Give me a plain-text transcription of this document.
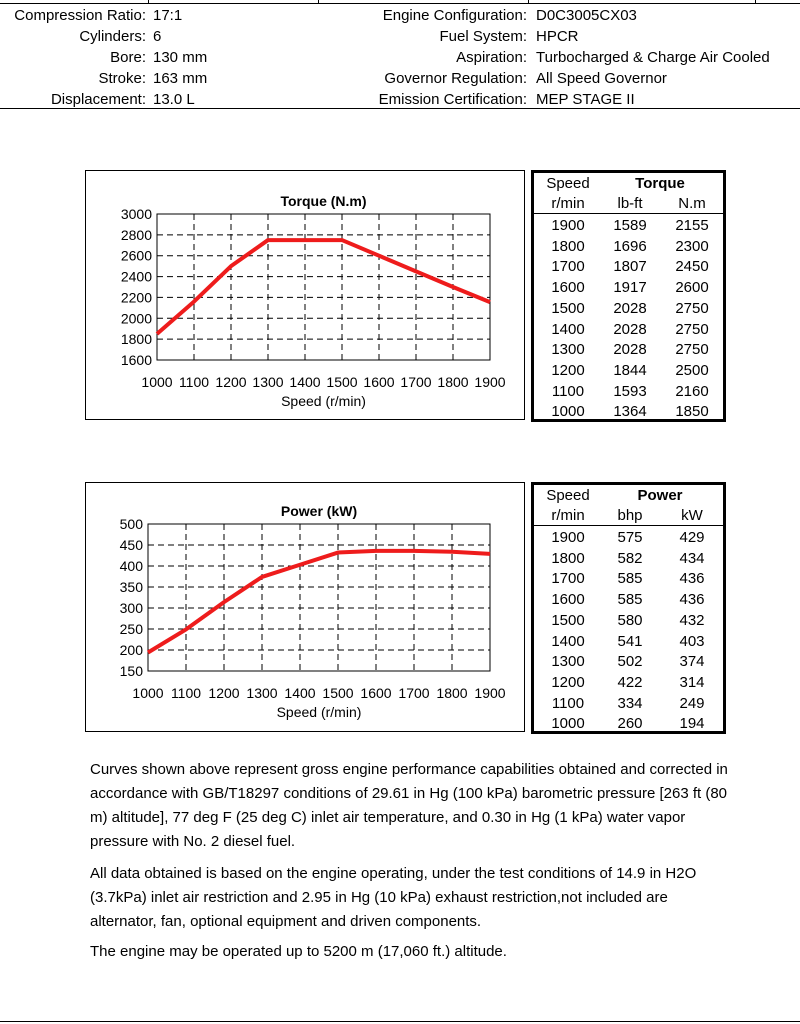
Compression Ratio: 17:1
Cylinders: 6
Bore: 130 mm
Stroke: 163 mm
Displacement: 13.0 L
Engine Configuration: D0C3005CX03
Fuel System: HPCR
Aspiration: Turbocharged & Charge Air Cooled
Governor Regulation: All Speed Governor
Emission Certification: MEP STAGE II
3000
2800
2600
2400
2200
2000
1800
1600
1000 1100 1200 1300 1400 1500 1600 1700 1800 1900
Torque (N.m)
Speed (r/min)
Speed	Torque
r/min	lb-ft	N.m
1900	1589	2155
1800	1696	2300
1700	1807	2450
1600	1917	2600
1500	2028	2750
1400	2028	2750
1300	2028	2750
1200	1844	2500
1100	1593	2160
1000	1364	1850
500
450
400
350
300
250
200
150
1000 1100 1200 1300 1400 1500 1600 1700 1800 1900
Power (kW)
Speed (r/min)
Speed	Power
r/min	bhp	kW
1900	575	429
1800	582	434
1700	585	436
1600	585	436
1500	580	432
1400	541	403
1300	502	374
1200	422	314
1100	334	249
1000	260	194
Curves shown above represent gross engine performance capabilities obtained and corrected in accordance with GB/T18297 conditions of 29.61 in Hg (100 kPa) barometric pressure [263 ft (80 m) altitude], 77 deg F (25 deg C) inlet air temperature, and 0.30 in Hg (1 kPa) water vapor pressure with No. 2 diesel fuel.
All data obtained is based on the engine operating, under the test conditions of 14.9 in H2O (3.7kPa) inlet air restriction and 2.95 in Hg (10 kPa) exhaust restriction,not included are alternator, fan, optional equipment and driven components.
The engine may be operated up to 5200 m (17,060 ft.) altitude.
